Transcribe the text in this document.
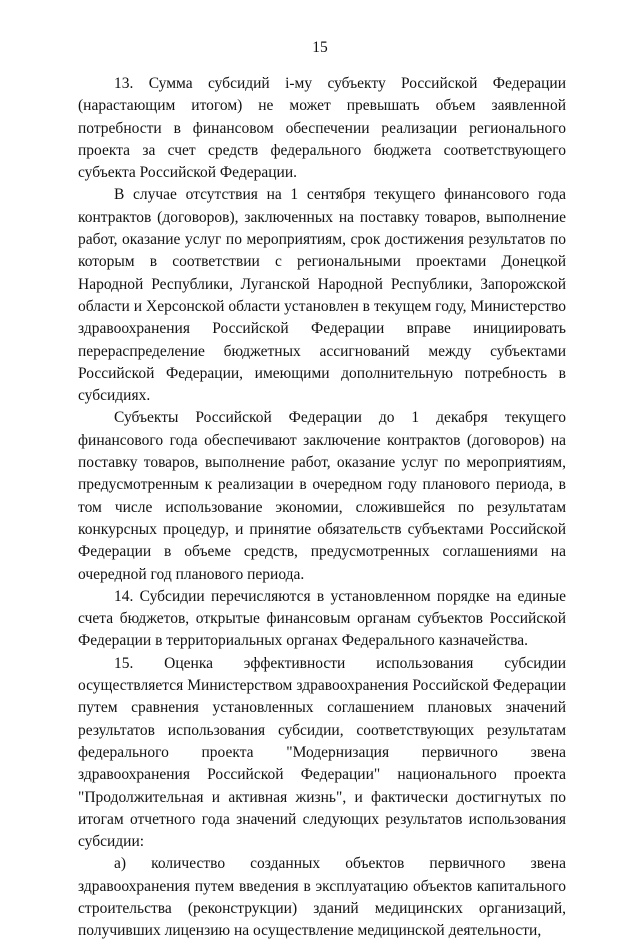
15

13. Сумма субсидий i-му субъекту Российской Федерации (нарастающим итогом) не может превышать объем заявленной потребности в финансовом обеспечении реализации регионального проекта за счет средств федерального бюджета соответствующего субъекта Российской Федерации.

В случае отсутствия на 1 сентября текущего финансового года контрактов (договоров), заключенных на поставку товаров, выполнение работ, оказание услуг по мероприятиям, срок достижения результатов по которым в соответствии с региональными проектами Донецкой Народной Республики, Луганской Народной Республики, Запорожской области и Херсонской области установлен в текущем году, Министерство здравоохранения Российской Федерации вправе инициировать перераспределение бюджетных ассигнований между субъектами Российской Федерации, имеющими дополнительную потребность в субсидиях.

Субъекты Российской Федерации до 1 декабря текущего финансового года обеспечивают заключение контрактов (договоров) на поставку товаров, выполнение работ, оказание услуг по мероприятиям, предусмотренным к реализации в очередном году планового периода, в том числе использование экономии, сложившейся по результатам конкурсных процедур, и принятие обязательств субъектами Российской Федерации в объеме средств, предусмотренных соглашениями на очередной год планового периода.

14. Субсидии перечисляются в установленном порядке на единые счета бюджетов, открытые финансовым органам субъектов Российской Федерации в территориальных органах Федерального казначейства.

15. Оценка эффективности использования субсидии осуществляется Министерством здравоохранения Российской Федерации путем сравнения установленных соглашением плановых значений результатов использования субсидии, соответствующих результатам федерального проекта "Модернизация первичного звена здравоохранения Российской Федерации" национального проекта "Продолжительная и активная жизнь", и фактически достигнутых по итогам отчетного года значений следующих результатов использования субсидии:

а) количество созданных объектов первичного звена здравоохранения путем введения в эксплуатацию объектов капитального строительства (реконструкции) зданий медицинских организаций, получивших лицензию на осуществление медицинской деятельности,
